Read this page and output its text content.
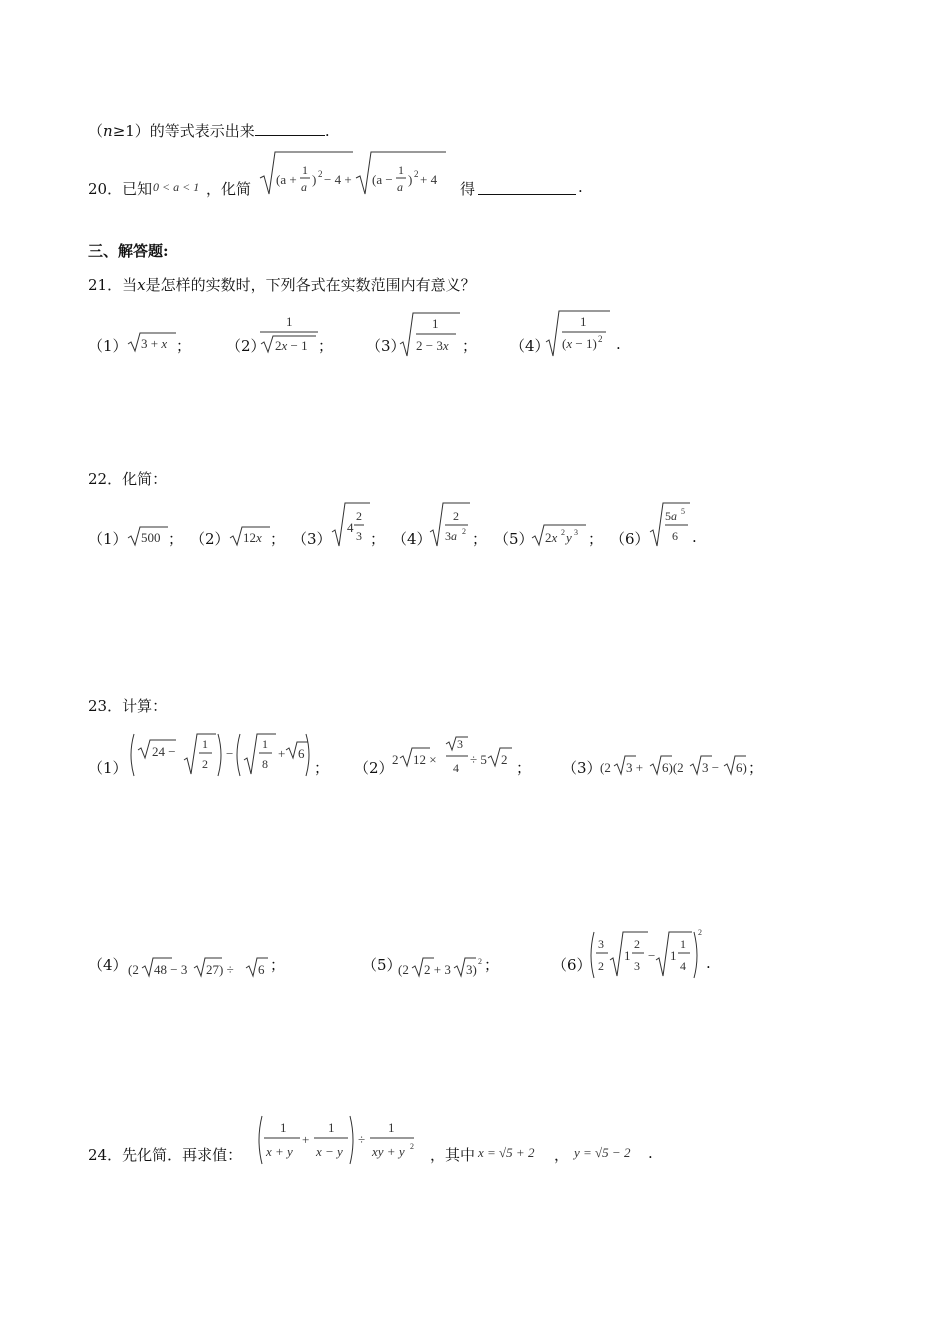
（n≥1）的等式表示出来	.
20．已知 0 < a < 1 ，化简
(a +
1
a ) 2 − 4 + (a −
1
a ) 2 + 4
得	.
三、解答题:
21．当x是怎样的实数时，下列各式在实数范围内有意义？
（1） 3 + x ； （2）
1
2x − 1 ； （3）
1
2 − 3x ； （4）
1
(x − 1) 2 .
22．化简：
（1） 500 ； （2） 12x ； （3）
4
2
3 ； （4）
2
3a 2 ； （5） 2x 2 y 3 ； （6）
5a 5
6 .
23．计算：
（1）
24 − 1
2
−
1
8
+ 6
； （2）
2 12 ×
3
4
÷ 5 2 ； （3）
(2 3 + 6)(2 3 − 6) ；
（4） (2 48 − 3 27) ÷ 6 ；	（5）
(2 2 + 3 3)
2 ；	（6）
3
2
1
2
3
− 1
1
4
2
.
24．先化简．再求值：
1
x + y
+
1
x − y
÷
1
xy + y 2 ，其中 x = √5 + 2 ， y = √5 − 2 .
